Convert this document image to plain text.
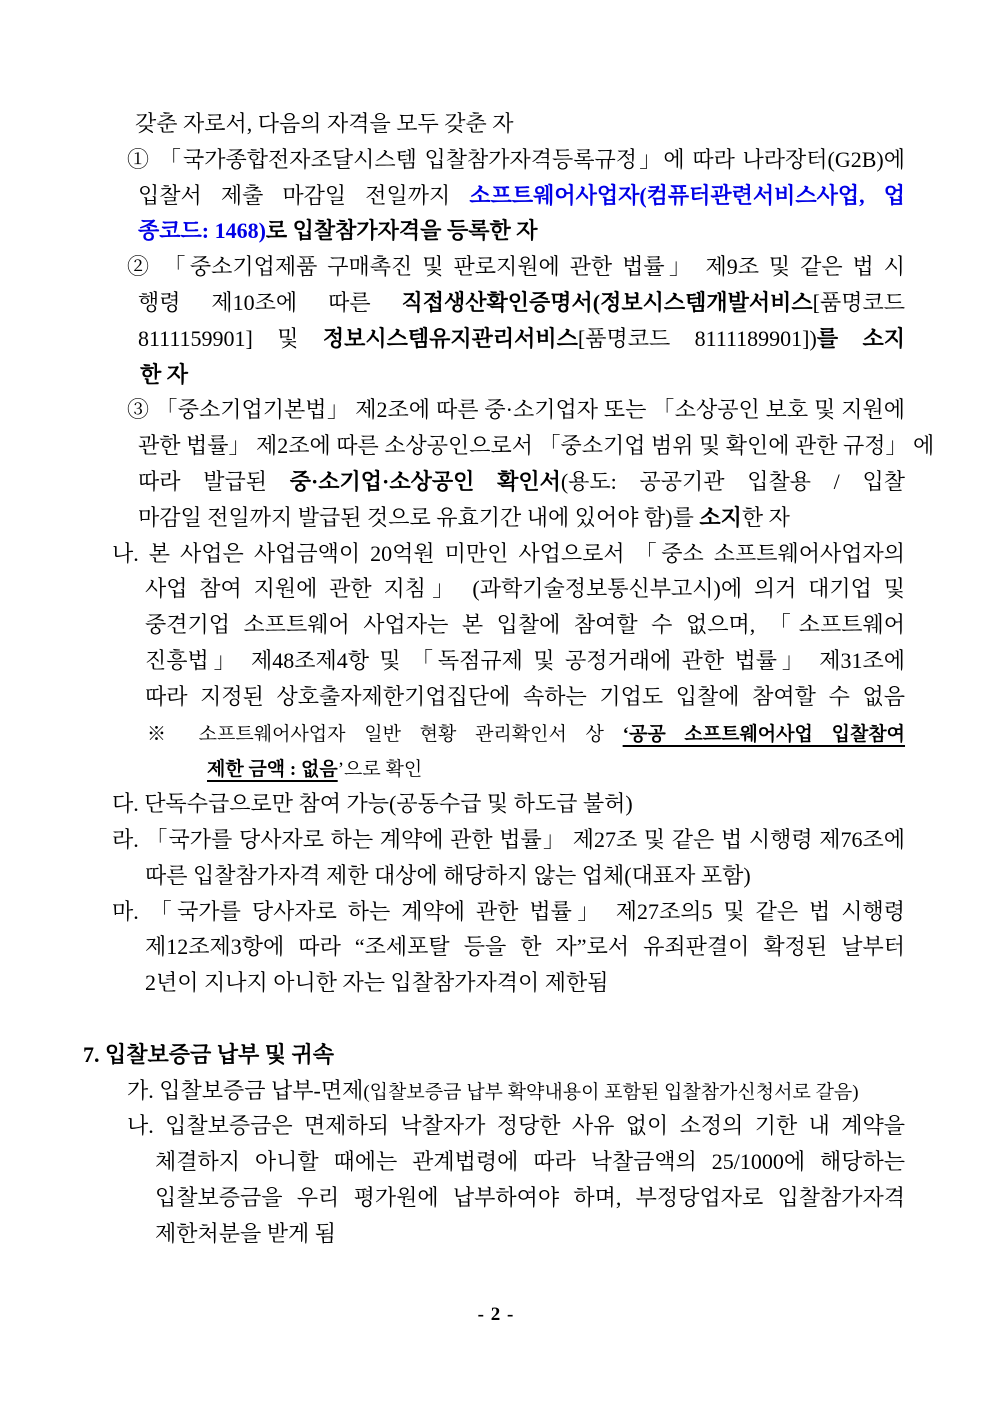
갖춘 자로서, 다음의 자격을 모두 갖춘 자
① 「국가종합전자조달시스템 입찰참가자격등록규정」에 따라 나라장터(G2B)에
입찰서 제출 마감일 전일까지 소프트웨어사업자(컴퓨터관련서비스사업, 업
종코드: 1468)로 입찰참가자격을 등록한 자
② 「중소기업제품 구매촉진 및 판로지원에 관한 법률」 제9조 및 같은 법 시
행령 제10조에 따른 직접생산확인증명서(정보시스템개발서비스[품명코드
8111159901] 및 정보시스템유지관리서비스[품명코드 8111189901])를 소지
한 자
③ 「중소기업기본법」 제2조에 따른 중·소기업자 또는 「소상공인 보호 및 지원에
관한 법률」 제2조에 따른 소상공인으로서 「중소기업 범위 및 확인에 관한 규정」 에
따라 발급된 중·소기업·소상공인 확인서(용도: 공공기관 입찰용 / 입찰
마감일 전일까지 발급된 것으로 유효기간 내에 있어야 함)를 소지한 자
나. 본 사업은 사업금액이 20억원 미만인 사업으로서 「중소 소프트웨어사업자의
사업 참여 지원에 관한 지침」 (과학기술정보통신부고시)에 의거 대기업 및
중견기업 소프트웨어 사업자는 본 입찰에 참여할 수 없으며, 「소프트웨어
진흥법」 제48조제4항 및 「독점규제 및 공정거래에 관한 법률」 제31조에
따라 지정된 상호출자제한기업집단에 속하는 기업도 입찰에 참여할 수 없음
※ 소프트웨어사업자 일반 현황 관리확인서 상 ‘공공 소프트웨어사업 입찰참여
제한 금액 : 없음’으로 확인
다. 단독수급으로만 참여 가능(공동수급 및 하도급 불허)
라. 「국가를 당사자로 하는 계약에 관한 법률」 제27조 및 같은 법 시행령 제76조에
따른 입찰참가자격 제한 대상에 해당하지 않는 업체(대표자 포함)
마. 「국가를 당사자로 하는 계약에 관한 법률」 제27조의5 및 같은 법 시행령
제12조제3항에 따라 “조세포탈 등을 한 자”로서 유죄판결이 확정된 날부터
2년이 지나지 아니한 자는 입찰참가자격이 제한됨

7. 입찰보증금 납부 및 귀속
가. 입찰보증금 납부-면제(입찰보증금 납부 확약내용이 포함된 입찰참가신청서로 갈음)
나. 입찰보증금은 면제하되 낙찰자가 정당한 사유 없이 소정의 기한 내 계약을
체결하지 아니할 때에는 관계법령에 따라 낙찰금액의 25/1000에 해당하는
입찰보증금을 우리 평가원에 납부하여야 하며, 부정당업자로 입찰참가자격
제한처분을 받게 됨
- 2 -
